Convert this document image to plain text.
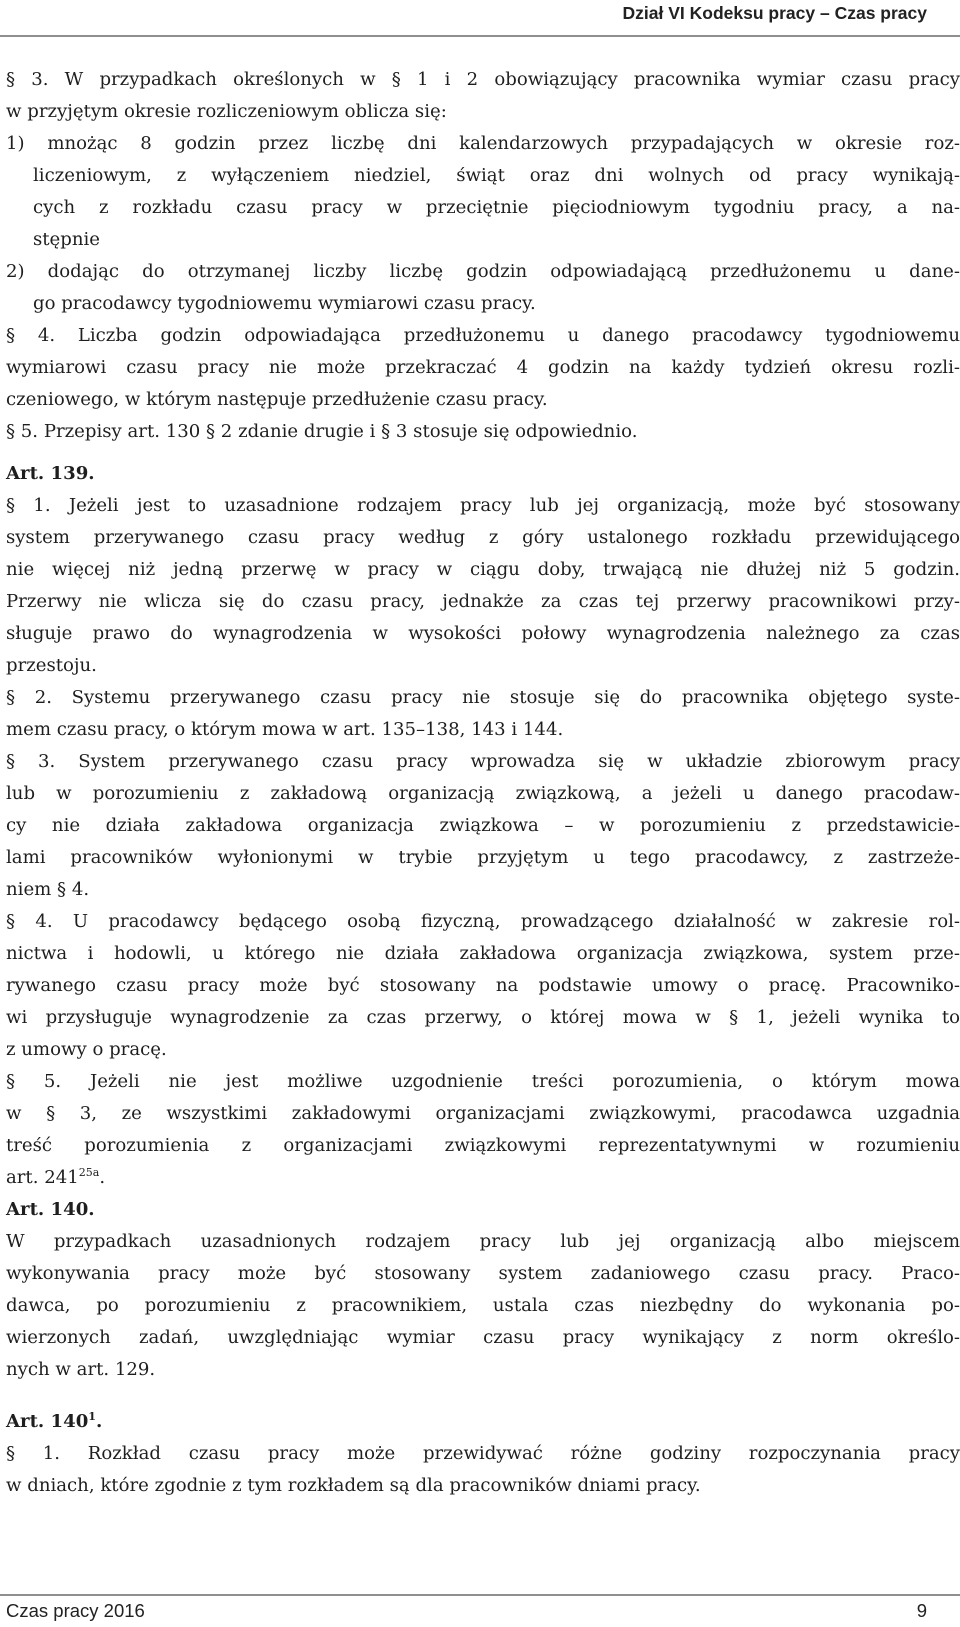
Dział VI Kodeksu pracy – Czas pracy
§ 3. W przypadkach określonych w § 1 i 2 obowiązujący pracownika wymiar czasu pracy
w przyjętym okresie rozliczeniowym oblicza się:
1) mnożąc 8 godzin przez liczbę dni kalendarzowych przypadających w okresie roz-
liczeniowym, z wyłączeniem niedziel, świąt oraz dni wolnych od pracy wynikają-
cych z rozkładu czasu pracy w przeciętnie pięciodniowym tygodniu pracy, a na-
stępnie
2) dodając do otrzymanej liczby liczbę godzin odpowiadającą przedłużonemu u dane-
go pracodawcy tygodniowemu wymiarowi czasu pracy.
§ 4. Liczba godzin odpowiadająca przedłużonemu u danego pracodawcy tygodniowemu
wymiarowi czasu pracy nie może przekraczać 4 godzin na każdy tydzień okresu rozli-
czeniowego, w którym następuje przedłużenie czasu pracy.
§ 5. Przepisy art. 130 § 2 zdanie drugie i § 3 stosuje się odpowiednio.
Art. 139.
§ 1. Jeżeli jest to uzasadnione rodzajem pracy lub jej organizacją, może być stosowany
system przerywanego czasu pracy według z góry ustalonego rozkładu przewidującego
nie więcej niż jedną przerwę w pracy w ciągu doby, trwającą nie dłużej niż 5 godzin.
Przerwy nie wlicza się do czasu pracy, jednakże za czas tej przerwy pracownikowi przy-
sługuje prawo do wynagrodzenia w wysokości połowy wynagrodzenia należnego za czas
przestoju.
§ 2. Systemu przerywanego czasu pracy nie stosuje się do pracownika objętego syste-
mem czasu pracy, o którym mowa w art. 135–138, 143 i 144.
§ 3. System przerywanego czasu pracy wprowadza się w układzie zbiorowym pracy
lub w porozumieniu z zakładową organizacją związkową, a jeżeli u danego pracodaw-
cy nie działa zakładowa organizacja związkowa – w porozumieniu z przedstawicie-
lami pracowników wyłonionymi w trybie przyjętym u tego pracodawcy, z zastrzeże-
niem § 4.
§ 4. U pracodawcy będącego osobą fizyczną, prowadzącego działalność w zakresie rol-
nictwa i hodowli, u którego nie działa zakładowa organizacja związkowa, system prze-
rywanego czasu pracy może być stosowany na podstawie umowy o pracę. Pracowniko-
wi przysługuje wynagrodzenie za czas przerwy, o której mowa w § 1, jeżeli wynika to
z umowy o pracę.
§ 5. Jeżeli nie jest możliwe uzgodnienie treści porozumienia, o którym mowa
w § 3, ze wszystkimi zakładowymi organizacjami związkowymi, pracodawca uzgadnia
treść porozumienia z organizacjami związkowymi reprezentatywnymi w rozumieniu
art. $241^{25a}$.
Art. 140.
W przypadkach uzasadnionych rodzajem pracy lub jej organizacją albo miejscem
wykonywania pracy może być stosowany system zadaniowego czasu pracy. Praco-
dawca, po porozumieniu z pracownikiem, ustala czas niezbędny do wykonania po-
wierzonych zadań, uwzględniając wymiar czasu pracy wynikający z norm określo-
nych w art. 129.
Art. $140^1$.
§ 1. Rozkład czasu pracy może przewidywać różne godziny rozpoczynania pracy
w dniach, które zgodnie z tym rozkładem są dla pracowników dniami pracy.
Czas pracy 2016	9
